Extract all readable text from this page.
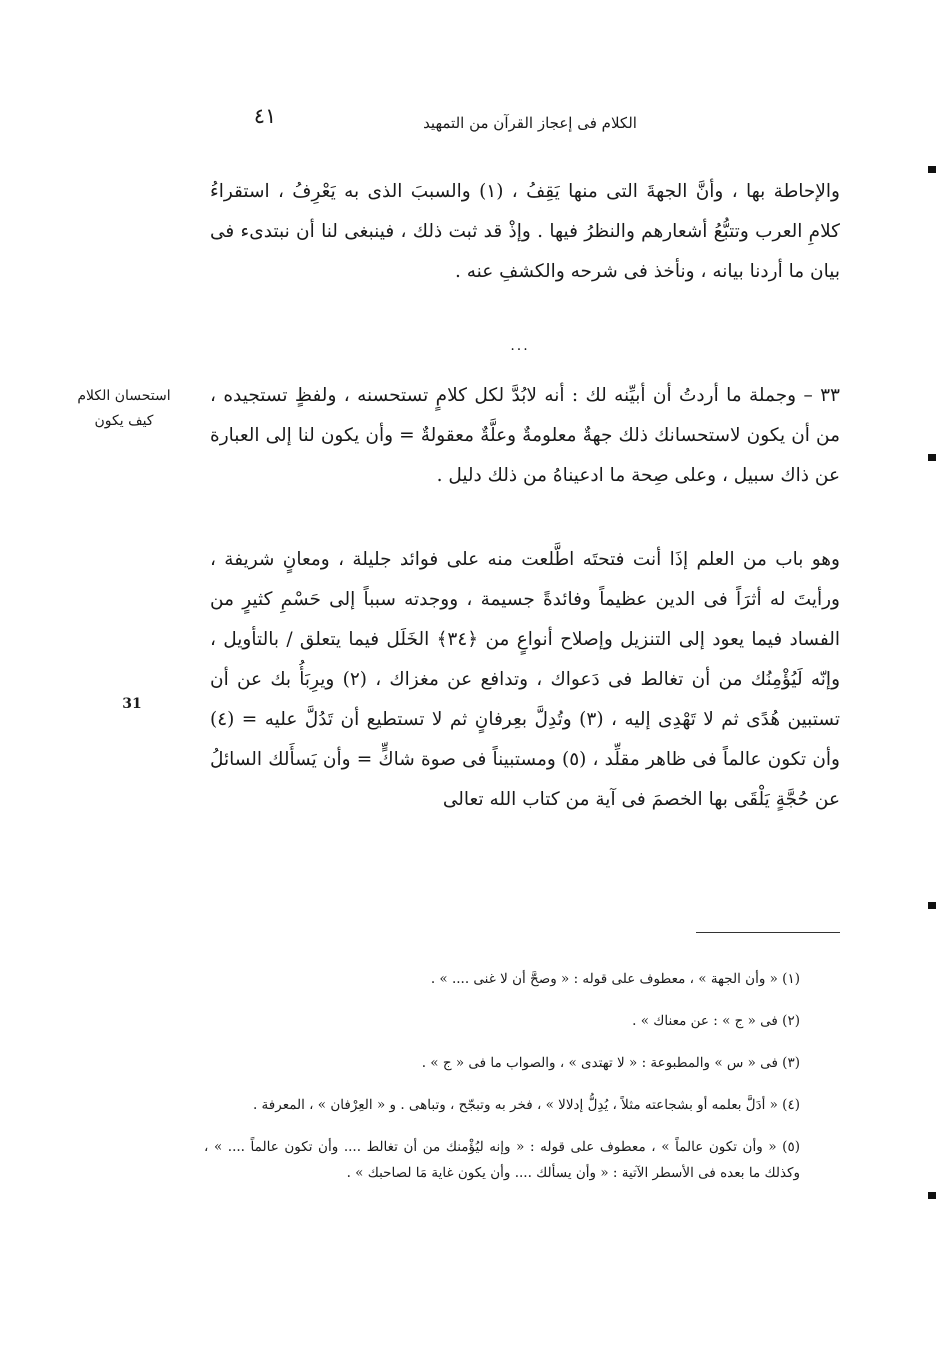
الكلام فى إعجاز القرآن من التمهيد
٤١
والإحاطة بها ، وأنَّ الجهةَ التى منها يَقِفُ ، (١) والسببَ الذى به يَعْرِفُ ، استقراءُ كلامِ العرب وتتبُّعُ أشعارهم والنظرُ فيها . وإذْ قد ثبت ذلك ، فينبغى لنا أن نبتدىء فى بيان ما أردنا بيانه ، ونأخذ فى شرحه والكشفِ عنه .
...
٣٣ – وجملة ما أردتُ أن أبيِّنه لك : أنه لابُدَّ لكل كلامٍ تستحسنه ، ولفظٍ تستجيده ، من أن يكون لاستحسانك ذلك جهةٌ معلومةٌ وعلَّةٌ معقولةٌ = وأن يكون لنا إلى العبارة عن ذاك سبيل ، وعلى صِحة ما ادعيناهُ من ذلك دليل .
وهو باب من العلم إذَا أنت فتحتَه اطَّلعت منه على فوائد جليلة ، ومعانٍ شريفة ، ورأيتَ له أثرَاً فى الدين عظيماً وفائدةً جسيمة ، ووجدته سبباً إلى حَسْمِ كثيرٍ من الفساد فيما يعود إلى التنزيل وإصلاح أنواعٍ من ﴿٣٤﴾ الخَلَل فيما يتعلق / بالتأويل ، وإنّه لَيُؤْمِنُك من أن تغالط فى دَعواك ، وتدافع عن مغزاك ، (٢) ويرِبَأُ بك عن أن تستبين هُدًى ثم لا تَهْدِى إليه ، (٣) وتُدِلَّ بعِرفانٍ ثم لا تستطيع أن تَدُلَّ عليه = (٤) وأن تكون عالماً فى ظاهر مقلِّد ، (٥) ومستبيناً فى صوة شاكٍّ = وأن يَسأَلك السائلُ عن حُجَّةٍ يَلْقَى بها الخصمَ فى آية من كتاب الله تعالى
استحسان الكلام
كيف يكون
31

(١) « وأن الجهة » ، معطوف على قوله : « وصحَّ أن لا غنى .... » .

(٢) فى « ج » : عن معناك » .

(٣) فى « س » والمطبوعة : « لا تهتدى » ، والصواب ما فى « ج » .

(٤) « أدَلَّ بعلمه أو بشجاعته مثلاً ، يُدِلُّ إدلالا » ، فخر به وتبجّح ، وتباهى . و « العِرْفان » ، المعرفة .

(٥) « وأن تكون عالماً » ، معطوف على قوله : « وإنه ليُؤْمنك من أن تغالط .... وأن تكون عالماً .... » ، وكذلك ما بعده فى الأسطر الآتية : « وأن يسألك .... وأن يكون غاية مَا لصاحبك » .
